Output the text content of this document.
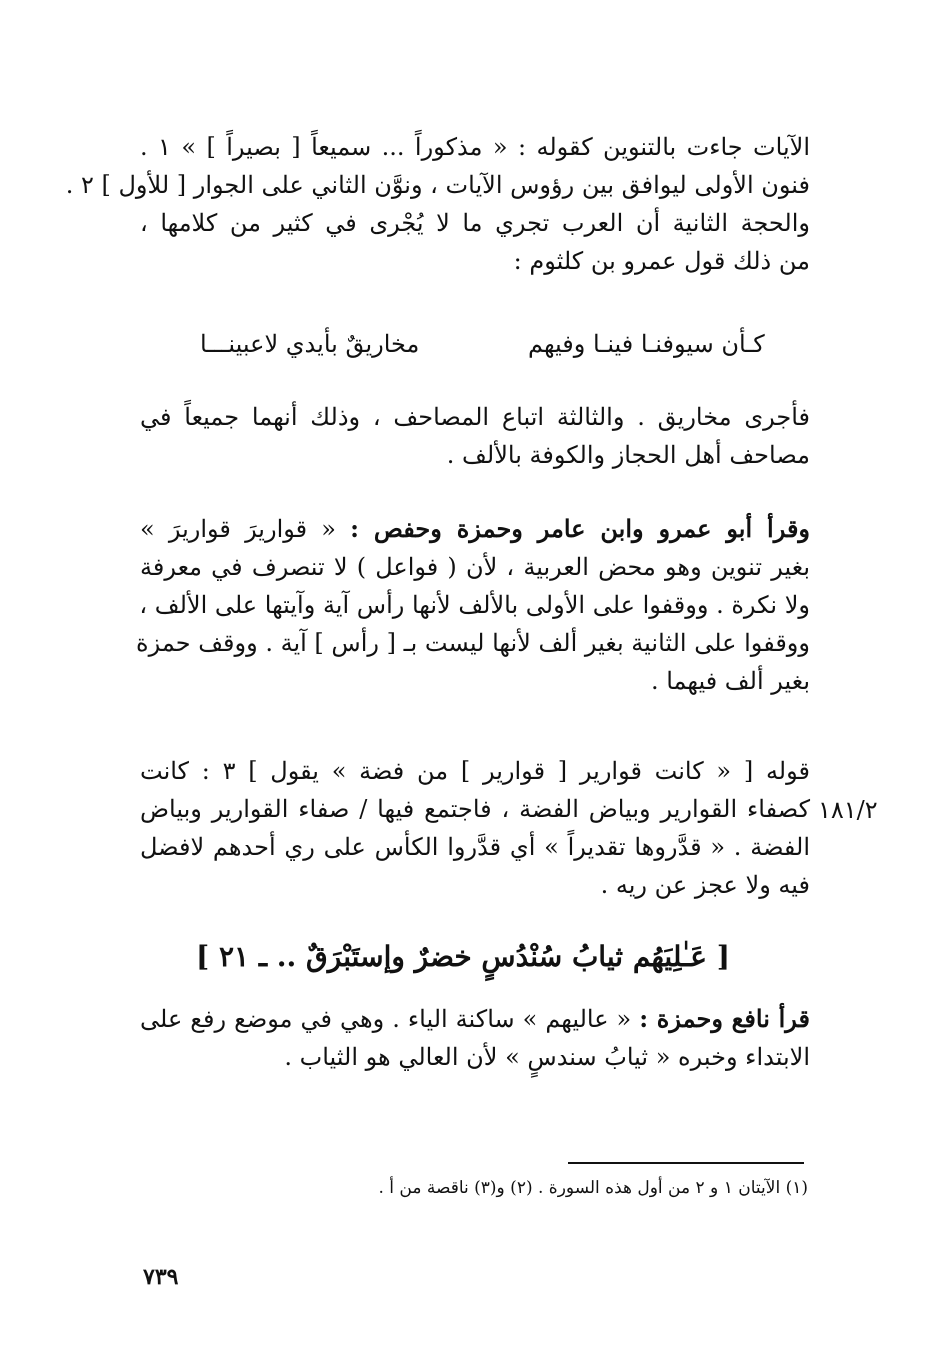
الآيات جاءت بالتنوين كقوله : « مذكوراً ... سميعاً [ بصيراً ] » ١ .
فنون الأولى ليوافق بين رؤوس الآيات ، ونوَّن الثاني على الجوار [ للأول ] ٢ .
والحجة الثانية أن العرب تجري ما لا يُجْرى في كثير من كلامها ،
من ذلك قول عمرو بن كلثوم :
كـأن سيوفنـا فينـا وفيهم
مخاريقٌ بأيدي لاعبينـــا
فأجرى مخاريق . والثالثة اتباع المصاحف ، وذلك أنهما جميعاً في
مصاحف أهل الحجاز والكوفة بالألف .
وقرأ أبو عمرو وابن عامر وحمزة وحفص : « قواريرَ قواريرَ »
بغير تنوين وهو محض العربية ، لأن ( فواعل ) لا تنصرف في معرفة
ولا نكرة . ووقفوا على الأولى بالألف لأنها رأس آية وآيتها على الألف ،
ووقفوا على الثانية بغير ألف لأنها ليست بـ [ رأس ] آية . ووقف حمزة
بغير ألف فيهما .
قوله [ « كانت قوارير [ قوارير ] من فضة » يقول ] ٣ : كانت
كصفاء القوارير وبياض الفضة ، فاجتمع فيها / صفاء القوارير وبياض
الفضة . « قدَّروها تقديراً » أي قدَّروا الكأس على ري أحدهم لافضل
فيه ولا عجز عن ريه .
١٨١/٢
[ عَـٰلِيَهُم ثيابُ سُنْدُسٍ خضرٌ وإستَبْرَقٌ .. ـ ٢١ ]
قرأ نافع وحمزة : « عاليهم » ساكنة الياء . وهي في موضع رفع على
الابتداء وخبره « ثيابُ سندسٍ » لأن العالي هو الثياب .
(١) الآيتان ١ و ٢ من أول هذه السورة . (٢) و(٣) ناقصة من أ .
٧٣٩
